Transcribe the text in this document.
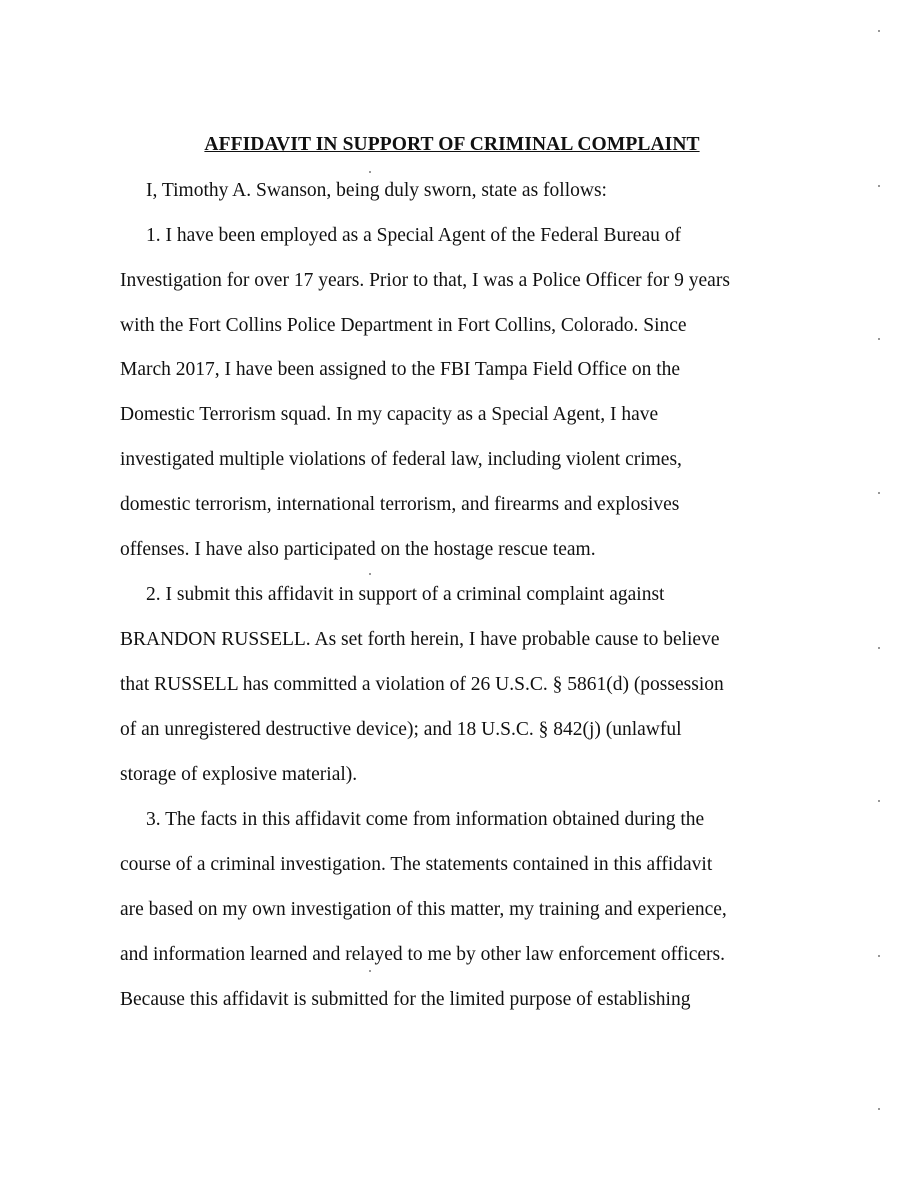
AFFIDAVIT IN SUPPORT OF CRIMINAL COMPLAINT
I, Timothy A. Swanson, being duly sworn, state as follows:
1. I have been employed as a Special Agent of the Federal Bureau of
Investigation for over 17 years. Prior to that, I was a Police Officer for 9 years
with the Fort Collins Police Department in Fort Collins, Colorado. Since
March 2017, I have been assigned to the FBI Tampa Field Office on the
Domestic Terrorism squad. In my capacity as a Special Agent, I have
investigated multiple violations of federal law, including violent crimes,
domestic terrorism, international terrorism, and firearms and explosives
offenses. I have also participated on the hostage rescue team.
2. I submit this affidavit in support of a criminal complaint against
BRANDON RUSSELL. As set forth herein, I have probable cause to believe
that RUSSELL has committed a violation of 26 U.S.C. § 5861(d) (possession
of an unregistered destructive device); and 18 U.S.C. § 842(j) (unlawful
storage of explosive material).
3. The facts in this affidavit come from information obtained during the
course of a criminal investigation. The statements contained in this affidavit
are based on my own investigation of this matter, my training and experience,
and information learned and relayed to me by other law enforcement officers.
Because this affidavit is submitted for the limited purpose of establishing
